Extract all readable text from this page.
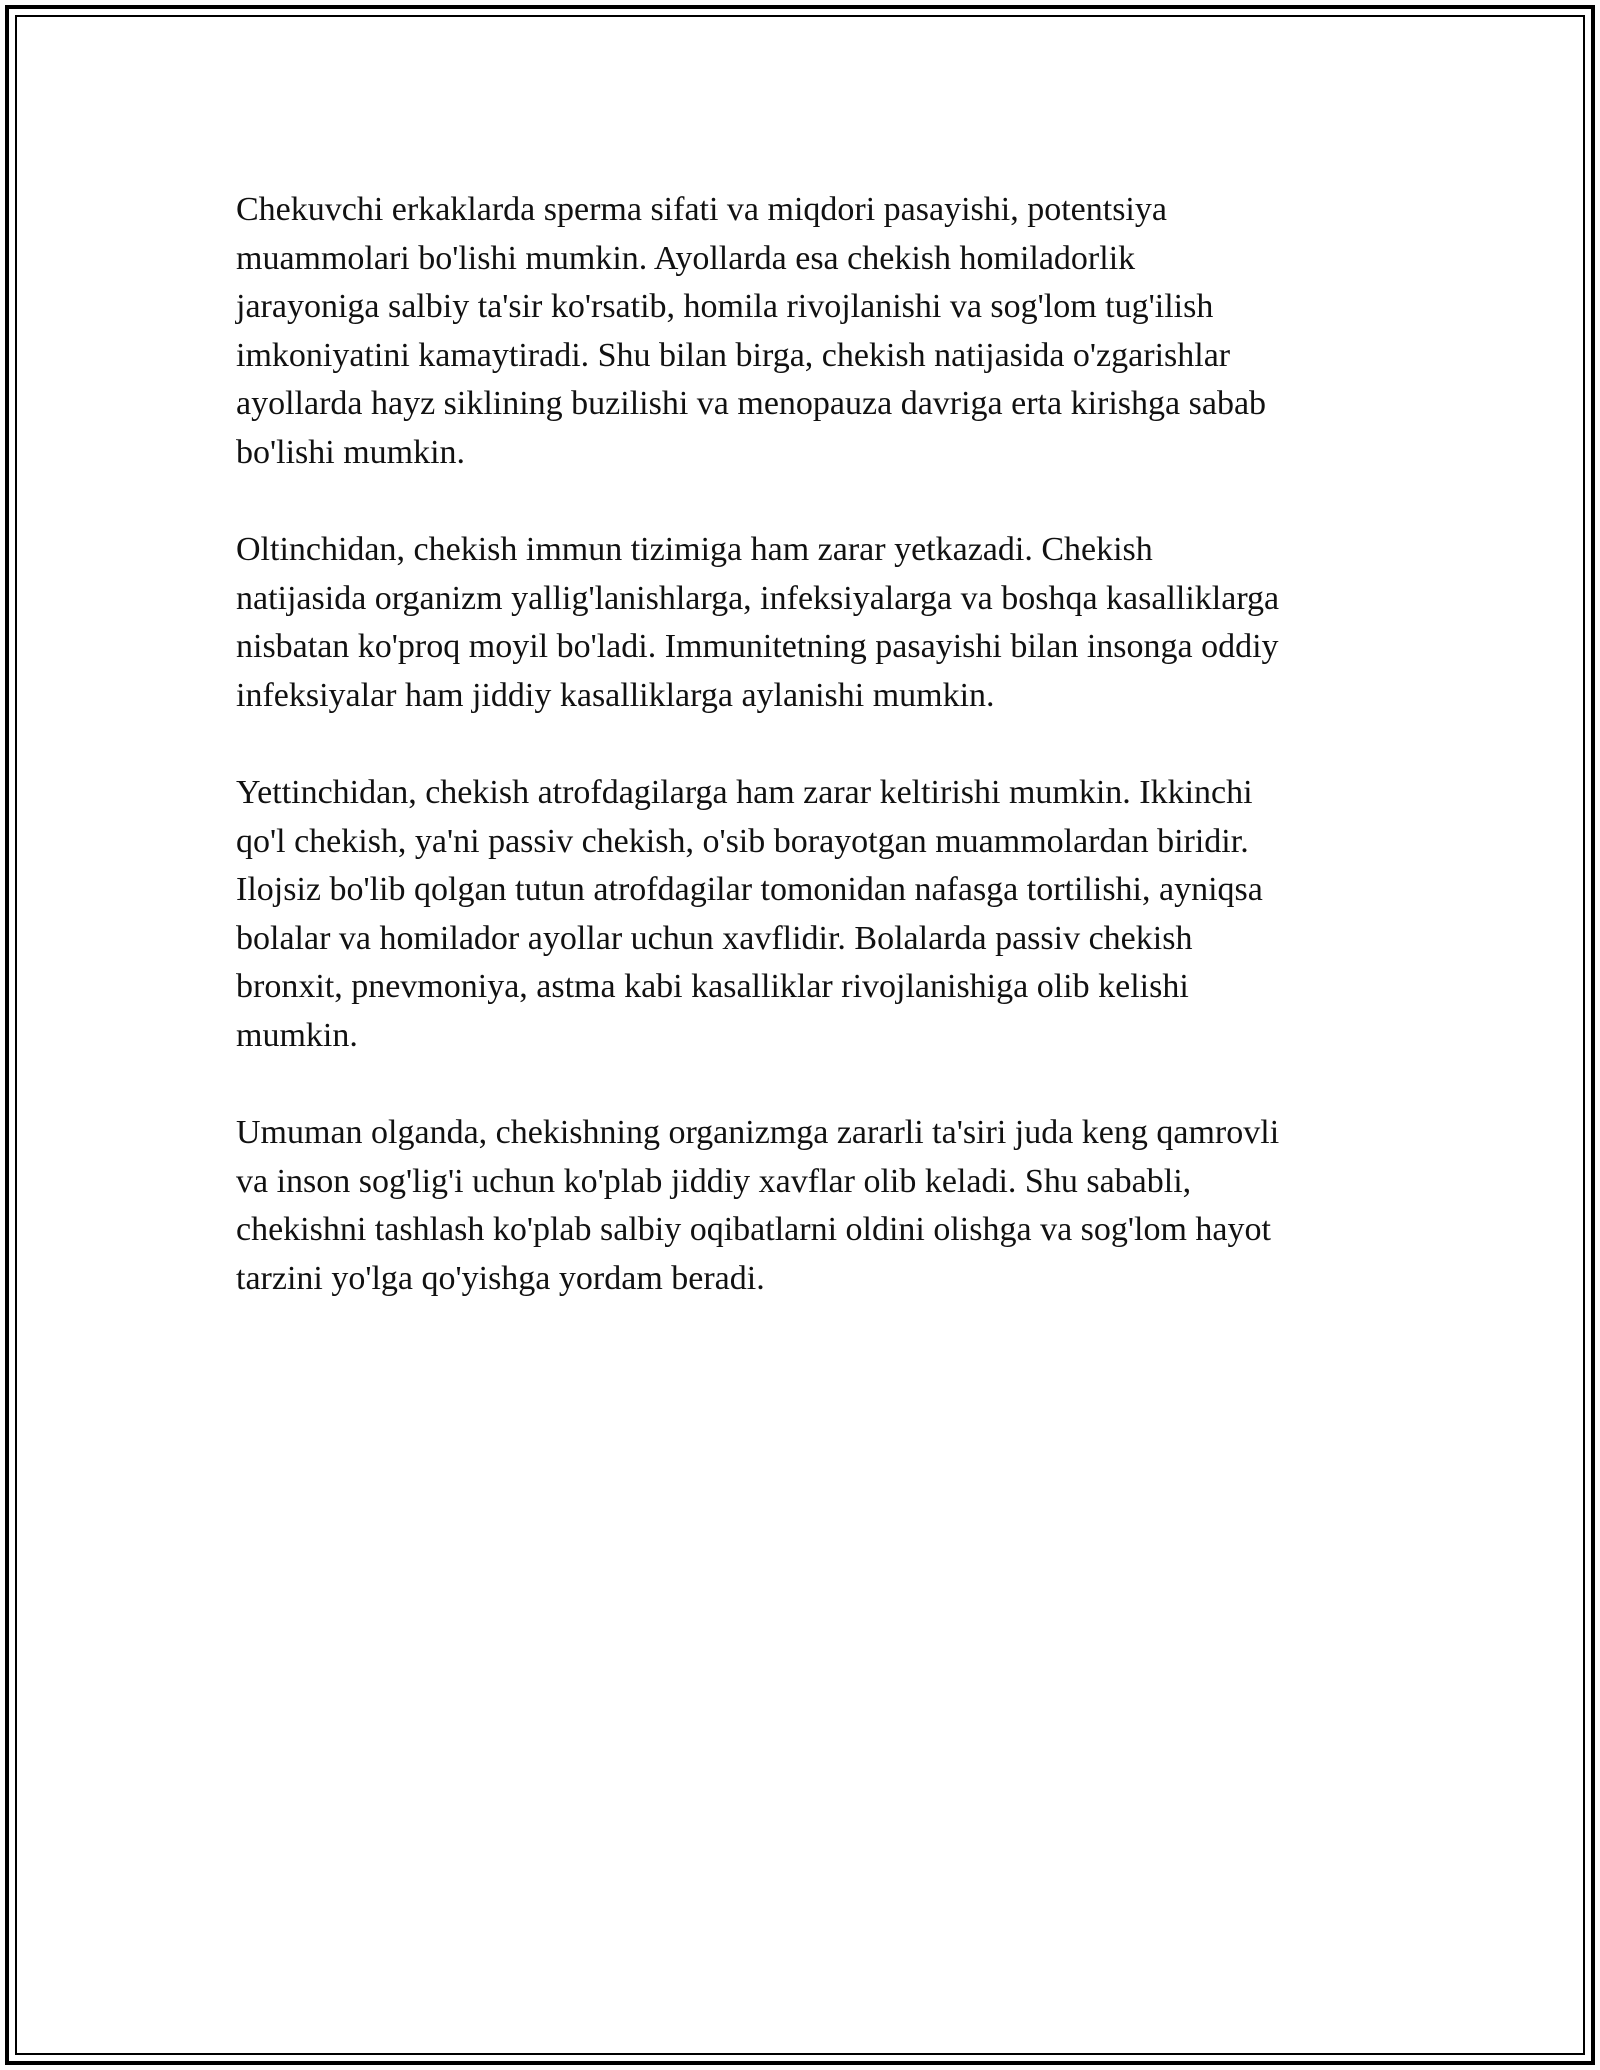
Chekuvchi erkaklarda sperma sifati va miqdori pasayishi, potentsiya
muammolari bo'lishi mumkin. Ayollarda esa chekish homiladorlik
jarayoniga salbiy ta'sir ko'rsatib, homila rivojlanishi va sog'lom tug'ilish
imkoniyatini kamaytiradi. Shu bilan birga, chekish natijasida o'zgarishlar
ayollarda hayz siklining buzilishi va menopauza davriga erta kirishga sabab
bo'lishi mumkin.

Oltinchidan, chekish immun tizimiga ham zarar yetkazadi. Chekish
natijasida organizm yallig'lanishlarga, infeksiyalarga va boshqa kasalliklarga
nisbatan ko'proq moyil bo'ladi. Immunitetning pasayishi bilan insonga oddiy
infeksiyalar ham jiddiy kasalliklarga aylanishi mumkin.

Yettinchidan, chekish atrofdagilarga ham zarar keltirishi mumkin. Ikkinchi
qo'l chekish, ya'ni passiv chekish, o'sib borayotgan muammolardan biridir.
Ilojsiz bo'lib qolgan tutun atrofdagilar tomonidan nafasga tortilishi, ayniqsa
bolalar va homilador ayollar uchun xavflidir. Bolalarda passiv chekish
bronxit, pnevmoniya, astma kabi kasalliklar rivojlanishiga olib kelishi
mumkin.

Umuman olganda, chekishning organizmga zararli ta'siri juda keng qamrovli
va inson sog'lig'i uchun ko'plab jiddiy xavflar olib keladi. Shu sababli,
chekishni tashlash ko'plab salbiy oqibatlarni oldini olishga va sog'lom hayot
tarzini yo'lga qo'yishga yordam beradi.
